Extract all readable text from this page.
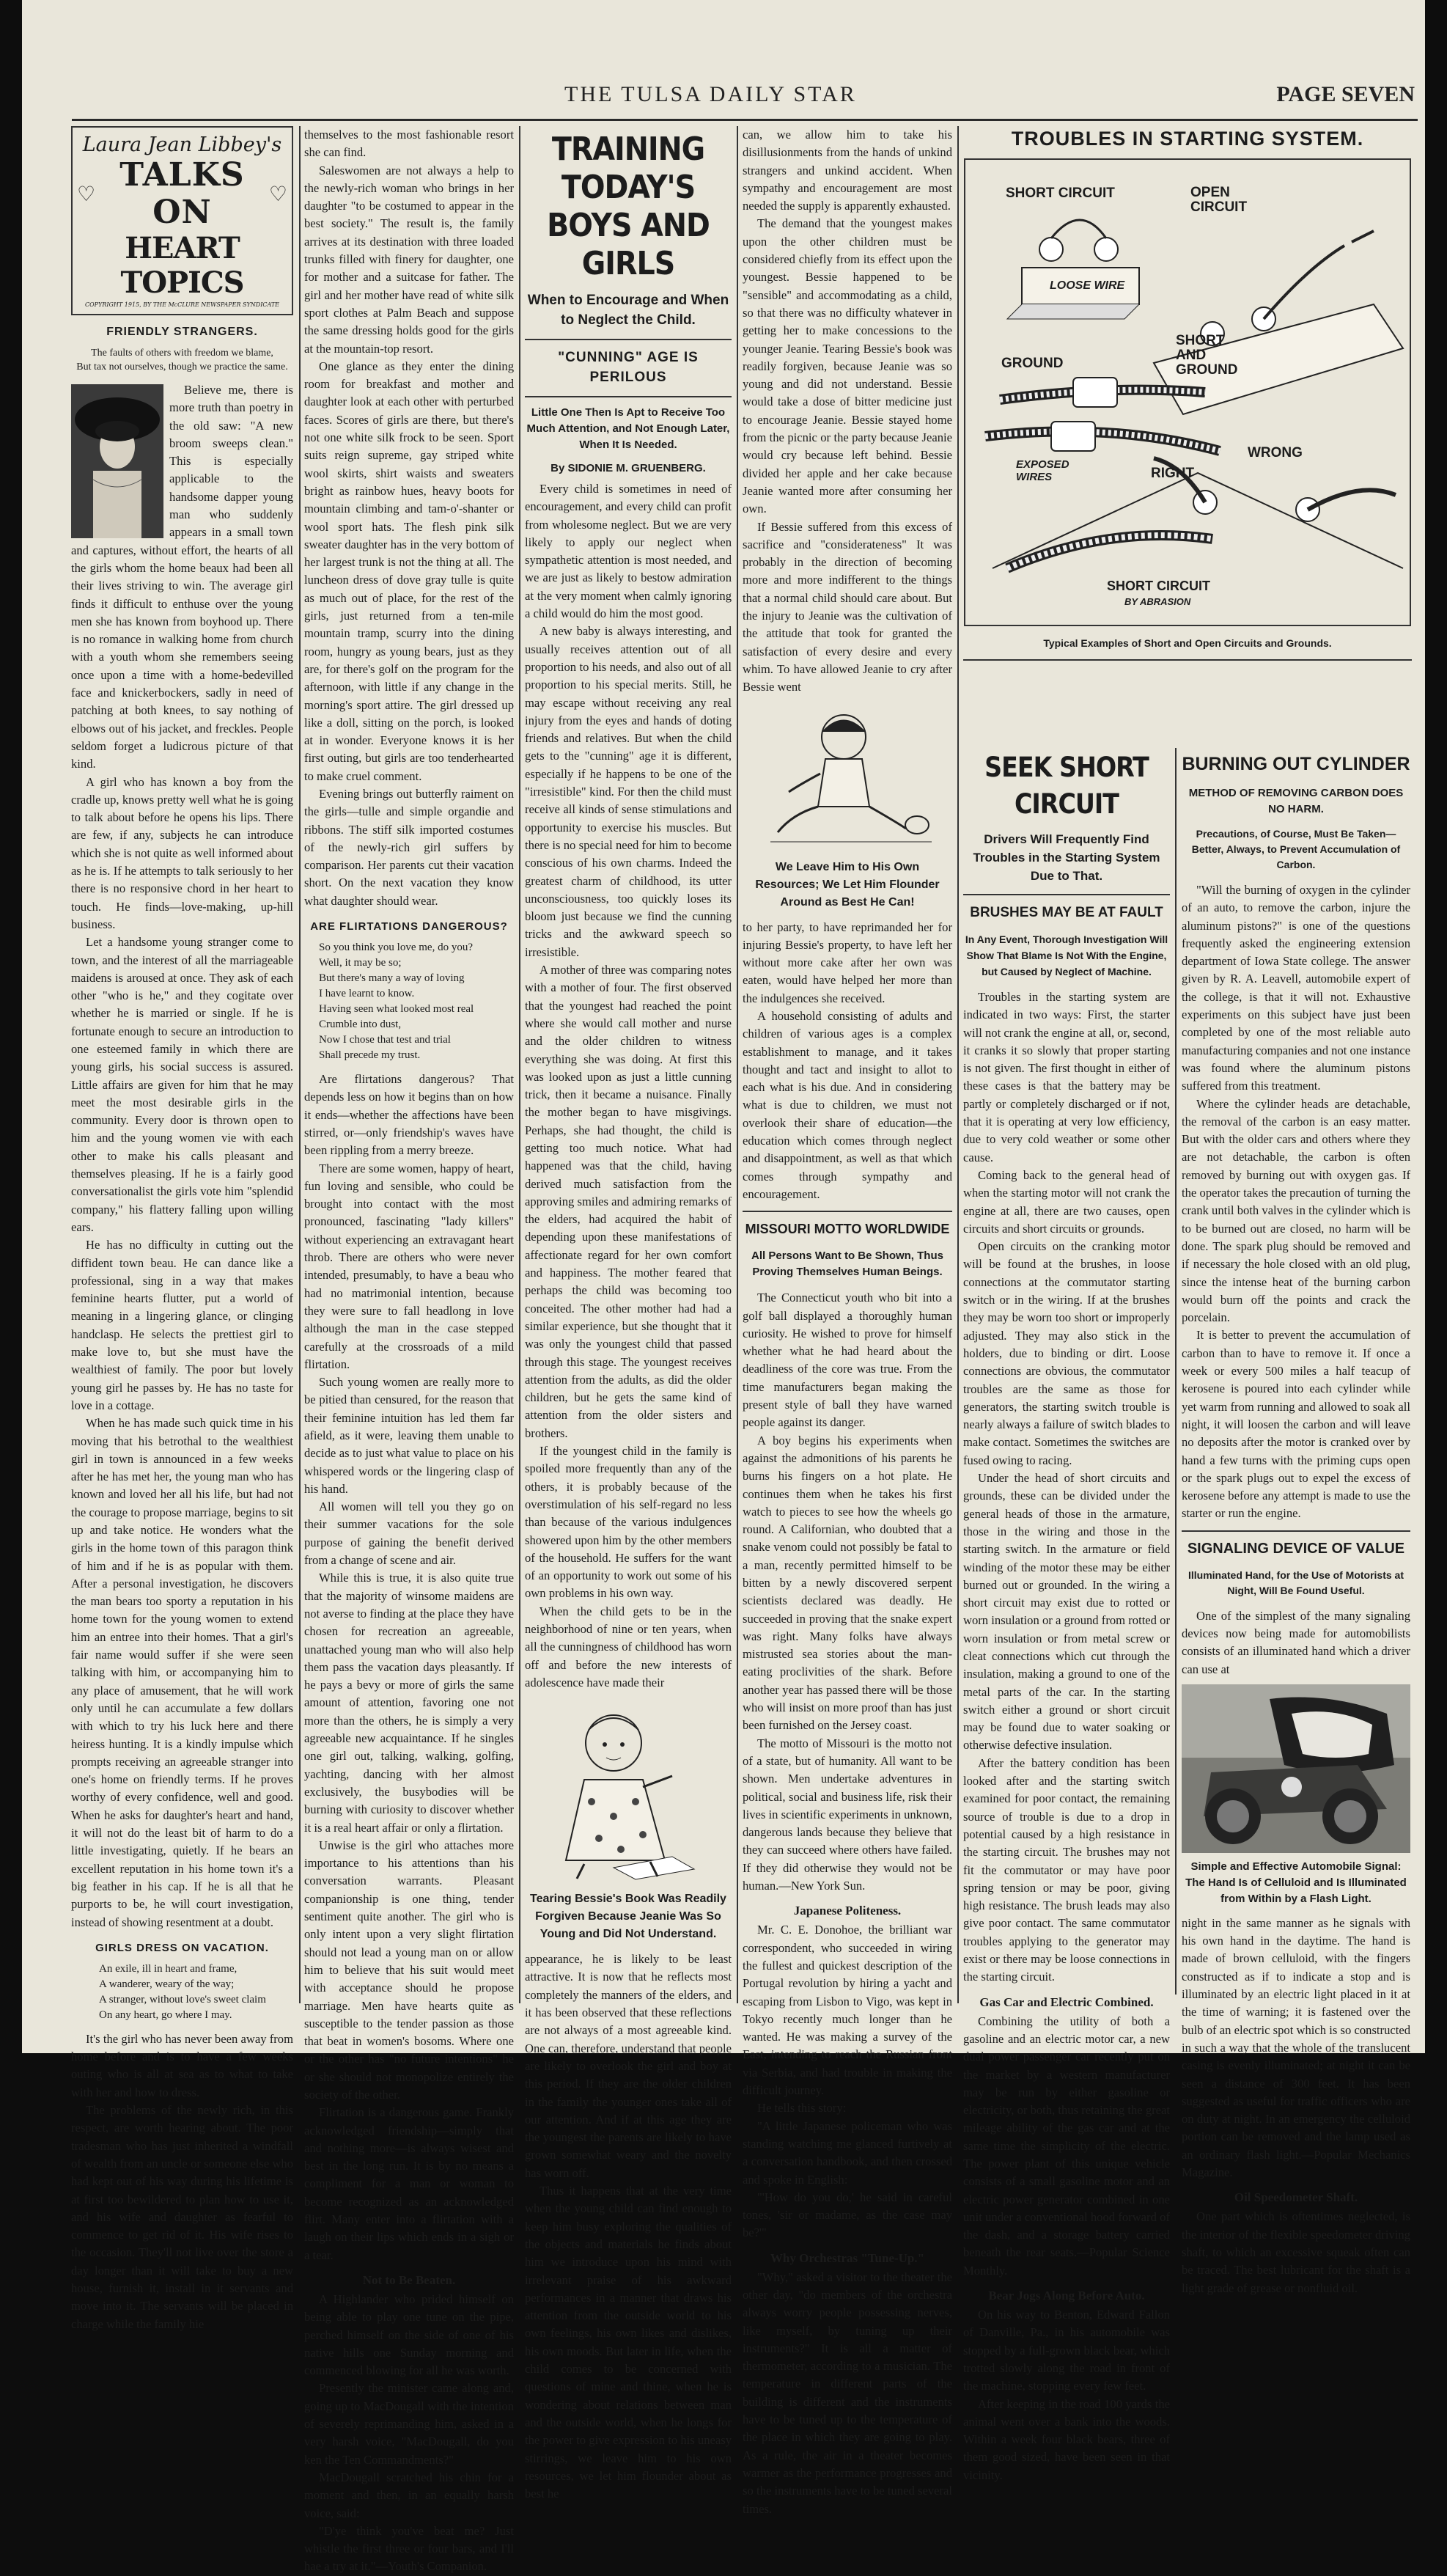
THE TULSA DAILY STAR	PAGE SEVEN
Laura Jean Libbey's
♡ TALKS ON	♡
HEART TOPICS
COPYRIGHT 1915, BY THE McCLURE NEWSPAPER SYNDICATE
FRIENDLY STRANGERS.
The faults of others with freedom we blame,
But tax not ourselves, though we practice the same.

Believe me, there is more truth than poetry in the old saw: "A new broom sweeps clean." This is especially applicable to the handsome dapper young man who suddenly appears in a small town and captures, without effort, the hearts of all the girls whom the home beaux had been all their lives striving to win. The average girl finds it difficult to enthuse over the young men she has known from boyhood up. There is no romance in walking home from church with a youth whom she remembers seeing once upon a time with a home-bedevilled face and knickerbockers, sadly in need of patching at both knees, to say nothing of elbows out of his jacket, and freckles. People seldom forget a ludicrous picture of that kind.

A girl who has known a boy from the cradle up, knows pretty well what he is going to talk about before he opens his lips. There are few, if any, subjects he can introduce which she is not quite as well informed about as he is. If he attempts to talk seriously to her there is no responsive chord in her heart to touch. He finds—love-making, up-hill business.

Let a handsome young stranger come to town, and the interest of all the marriageable maidens is aroused at once. They ask of each other "who is he," and they cogitate over whether he is married or single. If he is fortunate enough to secure an introduction to one esteemed family in which there are young girls, his social success is assured. Little affairs are given for him that he may meet the most desirable girls in the community. Every door is thrown open to him and the young women vie with each other to make his calls pleasant and themselves pleasing. If he is a fairly good conversationalist the girls vote him "splendid company," his flattery falling upon willing ears.

He has no difficulty in cutting out the diffident town beau. He can dance like a professional, sing in a way that makes feminine hearts flutter, put a world of meaning in a lingering glance, or clinging handclasp. He selects the prettiest girl to make love to, but she must have the wealthiest of family. The poor but lovely young girl he passes by. He has no taste for love in a cottage.

When he has made such quick time in his moving that his betrothal to the wealthiest girl in town is announced in a few weeks after he has met her, the young man who has known and loved her all his life, but had not the courage to propose marriage, begins to sit up and take notice. He wonders what the girls in the home town of this paragon think of him and if he is as popular with them. After a personal investigation, he discovers the man bears too sporty a reputation in his home town for the young women to extend him an entree into their homes. That a girl's fair name would suffer if she were seen talking with him, or accompanying him to any place of amusement, that he will work only until he can accumulate a few dollars with which to try his luck here and there heiress hunting. It is a kindly impulse which prompts receiving an agreeable stranger into one's home on friendly terms. If he proves worthy of every confidence, well and good. When he asks for daughter's heart and hand, it will not do the least bit of harm to do a little investigating, quietly. If he bears an excellent reputation in his home town it's a big feather in his cap. If he is all that he purports to be, he will court investigation, instead of showing resentment at a doubt.

GIRLS DRESS ON VACATION.
An exile, ill in heart and frame,
A wanderer, weary of the way;
A stranger, without love's sweet claim
On any heart, go where I may.

It's the girl who has never been away from home before and is to have a few weeks outing who is all at sea as to what to take with her and how to dress.

The problems of the newly rich, in this respect, are worth hearing about. The poor tradesman who has just inherited a windfall of wealth from an uncle or someone else who had kept out of his way during his lifetime is at first too bewildered to plan how to use it, and his wife and daughter as fearful to commence to get rid of it. His wife rises to the occasion. They'll not live over the store a day longer than it will take to buy a new house, furnish it, install in it servants and move into it. The servants will be placed in charge while the family hie

themselves to the most fashionable resort she can find.

Saleswomen are not always a help to the newly-rich woman who brings in her daughter "to be costumed to appear in the best society." The result is, the family arrives at its destination with three loaded trunks filled with finery for daughter, one for mother and a suitcase for father. The girl and her mother have read of white silk sport clothes at Palm Beach and suppose the same dressing holds good for the girls at the mountain-top resort.

One glance as they enter the dining room for breakfast and mother and daughter look at each other with perturbed faces. Scores of girls are there, but there's not one white silk frock to be seen. Sport suits reign supreme, gay striped white wool skirts, shirt waists and sweaters bright as rainbow hues, heavy boots for mountain climbing and tam-o'-shanter or wool sport hats. The flesh pink silk sweater daughter has in the very bottom of her largest trunk is not the thing at all. The luncheon dress of dove gray tulle is quite as much out of place, for the rest of the girls, just returned from a ten-mile mountain tramp, scurry into the dining room, hungry as young bears, just as they are, for there's golf on the program for the afternoon, with little if any change in the morning's sport attire. The girl dressed up like a doll, sitting on the porch, is looked at in wonder. Everyone knows it is her first outing, but girls are too tenderhearted to make cruel comment.

Evening brings out butterfly raiment on the girls—tulle and simple organdie and ribbons. The stiff silk imported costumes of the newly-rich girl suffers by comparison. Her parents cut their vacation short. On the next vacation they know what daughter should wear.

ARE FLIRTATIONS DANGEROUS?
So you think you love me, do you?
Well, it may be so;
But there's many a way of loving
I have learnt to know.
Having seen what looked most real
Crumble into dust,
Now I chose that test and trial
Shall precede my trust.

Are flirtations dangerous? That depends less on how it begins than on how it ends—whether the affections have been stirred, or—only friendship's waves have been rippling from a merry breeze.

There are some women, happy of heart, fun loving and sensible, who could be brought into contact with the most pronounced, fascinating "lady killers" without experiencing an extravagant heart throb. There are others who were never intended, presumably, to have a beau who had no matrimonial intention, because they were sure to fall headlong in love although the man in the case stepped carefully at the crossroads of a mild flirtation.

Such young women are really more to be pitied than censured, for the reason that their feminine intuition has led them far afield, as it were, leaving them unable to decide as to just what value to place on his whispered words or the lingering clasp of his hand.

All women will tell you they go on their summer vacations for the sole purpose of gaining the benefit derived from a change of scene and air.

While this is true, it is also quite true that the majority of winsome maidens are not averse to finding at the place they have chosen for recreation an agreeable, unattached young man who will also help them pass the vacation days pleasantly. If he pays a bevy or more of girls the same amount of attention, favoring one not more than the others, he is simply a very agreeable new acquaintance. If he singles one girl out, talking, walking, golfing, yachting, dancing with her almost exclusively, the busybodies will be burning with curiosity to discover whether it is a real heart affair or only a flirtation.

Unwise is the girl who attaches more importance to his attentions than his conversation warrants. Pleasant companionship is one thing, tender sentiment quite another. The girl who is only intent upon a very slight flirtation should not lead a young man on or allow him to believe that his suit would meet with acceptance should he propose marriage. Men have hearts quite as susceptible to the tender passion as those that beat in women's bosoms. Where one or the other has "no future intentions" he or she should not monopolize entirely the society of the other.

Flirtation is a dangerous game. Frankly acknowledged friendship—simply that and nothing more—is always wisest and best in the long run. It is by no means a compliment for a man or woman to become recognized as an acknowledged flirt. Many enter into a flirtation with a laugh on their lips which ends in a sigh or a tear.

Not to Be Beaten.

A Highlander who prided himself on being able to play one tune on the pipe, perched himself on the side of one of his native hills one Sunday morning and commenced blowing for all he was worth.

Presently the minister came along and, going up to MacDougall with the intention of severely reprimanding him, asked in a very harsh voice, "MacDougall, do you ken the Ten Commandments?"

MacDougall scratched his chin for a moment and then, in an equally harsh voice, said:

"D'ye think you've beat me? Just whistle the first three or four bars, and I'll hae a try at it."—Youth's Companion.

TRAINING TODAY'S BOYS AND GIRLS
When to Encourage and When to Neglect the Child.
"CUNNING" AGE IS PERILOUS
Little One Then Is Apt to Receive Too Much Attention, and Not Enough Later, When It Is Needed.
By SIDONIE M. GRUENBERG.

Every child is sometimes in need of encouragement, and every child can profit from wholesome neglect. But we are very likely to apply our neglect when sympathetic attention is most needed, and we are just as likely to bestow admiration at the very moment when calmly ignoring a child would do him the most good.

A new baby is always interesting, and usually receives attention out of all proportion to his needs, and also out of all proportion to his special merits. Still, he may escape without receiving any real injury from the eyes and hands of doting friends and relatives. But when the child gets to the "cunning" age it is different, especially if he happens to be one of the "irresistible" kind. For then the child must receive all kinds of sense stimulations and opportunity to exercise his muscles. But there is no special need for him to become conscious of his own charms. Indeed the greatest charm of childhood, its utter unconsciousness, too quickly loses its bloom just because we find the cunning tricks and the awkward speech so irresistible.

A mother of three was comparing notes with a mother of four. The first observed that the youngest had reached the point where she would call mother and nurse and the older children to witness everything she was doing. At first this was looked upon as just a little cunning trick, then it became a nuisance. Finally the mother began to have misgivings. Perhaps, she had thought, the child is getting too much notice. What had happened was that the child, having derived much satisfaction from the approving smiles and admiring remarks of the elders, had acquired the habit of depending upon these manifestations of affectionate regard for her own comfort and happiness. The mother feared that perhaps the child was becoming too conceited. The other mother had had a similar experience, but she thought that it was only the youngest child that passed through this stage. The youngest receives attention from the adults, as did the older children, but he gets the same kind of attention from the older sisters and brothers.

If the youngest child in the family is spoiled more frequently than any of the others, it is probably because of the overstimulation of his self-regard no less than because of the various indulgences showered upon him by the other members of the household. He suffers for the want of an opportunity to work out some of his own problems in his own way.

When the child gets to be in the neighborhood of nine or ten years, when all the cunningness of childhood has worn off and before the new interests of adolescence have made their

Tearing Bessie's Book Was Readily Forgiven Because Jeanie Was So Young and Did Not Understand.

appearance, he is likely to be least attractive. It is now that he reflects most completely the manners of the elders, and it has been observed that these reflections are not always of a most agreeable kind. One can, therefore, understand that people are likely to overlook the girl and boy at this period. If they are the older children in the family the younger ones take all of our attention. And if at this age they are the youngest the parents are likely to have grown somewhat weary and the novelty has worn off.

Thus it happens that at the very time when the young child can find enough to keep him busy exploring the qualities of the objects and materials he finds about him we introduce upon his mind with irrelevant praise of his awkward performances in a manner that draws his attention from the outside world to his own feelings, his own likes and dislikes, his own moods. But later in life, when the child comes to be concerned with questions of mine and thine, when he is wondering about relations between man and the outside world, when he longs for the power to give expression to his uneasy stirrings, we leave him to his own resources, we let him flounder about as best he

can, we allow him to take his disillusionments from the hands of unkind strangers and unkind accident. When sympathy and encouragement are most needed the supply is apparently exhausted.

The demand that the youngest makes upon the other children must be considered chiefly from its effect upon the youngest. Bessie happened to be "sensible" and accommodating as a child, so that there was no difficulty whatever in getting her to make concessions to the younger Jeanie. Tearing Bessie's book was readily forgiven, because Jeanie was so young and did not understand. Bessie would take a dose of bitter medicine just to encourage Jeanie. Bessie stayed home from the picnic or the party because Jeanie would cry because left behind. Bessie divided her apple and her cake because Jeanie wanted more after consuming her own.

If Bessie suffered from this excess of sacrifice and "considerateness" It was probably in the direction of becoming more and more indifferent to the things that a normal child should care about. But the injury to Jeanie was the cultivation of the attitude that took for granted the satisfaction of every desire and every whim. To have allowed Jeanie to cry after Bessie went

We Leave Him to His Own Resources; We Let Him Flounder Around as Best He Can!

to her party, to have reprimanded her for injuring Bessie's property, to have left her without more cake after her own was eaten, would have helped her more than the indulgences she received.

A household consisting of adults and children of various ages is a complex establishment to manage, and it takes thought and tact and insight to allot to each what is his due. And in considering what is due to children, we must not overlook their share of education—the education which comes through neglect and disappointment, as well as that which comes through sympathy and encouragement.

MISSOURI MOTTO WORLDWIDE
All Persons Want to Be Shown, Thus Proving Themselves Human Beings.

The Connecticut youth who bit into a golf ball displayed a thoroughly human curiosity. He wished to prove for himself whether what he had heard about the deadliness of the core was true. From the time manufacturers began making the present style of ball they have warned people against its danger.

A boy begins his experiments when against the admonitions of his parents he burns his fingers on a hot plate. He continues them when he takes his first watch to pieces to see how the wheels go round. A Californian, who doubted that a snake venom could not possibly be fatal to a man, recently permitted himself to be bitten by a newly discovered serpent scientists declared was deadly. He succeeded in proving that the snake expert was right. Many folks have always mistrusted sea stories about the man-eating proclivities of the shark. Before another year has passed there will be those who will insist on more proof than has just been furnished on the Jersey coast.

The motto of Missouri is the motto not of a state, but of humanity. All want to be shown. Men undertake adventures in political, social and business life, risk their lives in scientific experiments in unknown, dangerous lands because they believe that they can succeed where others have failed. If they did otherwise they would not be human.—New York Sun.

Japanese Politeness.

Mr. C. E. Donohoe, the brilliant war correspondent, who succeeded in wiring the fullest and quickest description of the Portugal revolution by hiring a yacht and escaping from Lisbon to Vigo, was kept in Tokyo recently much longer than he wanted. He was making a survey of the East, intending to reach the Russian front via Serbia, and had trouble in making the difficult journey.

He tells this story:

"A little Japanese policeman who was standing watching me glanced furtively at a conversation handbook, and then crossed and spoke in English:

"'How do you do,' he said in careful tones, 'sir or madame, as the case may be?'"

Why Orchestras "Tune-Up."

"Why," asked a visitor to the theater the other day, "do members of the orchestra always worry people possessing nerves, like myself, by tuning up their instruments?" It is all a matter of thermometer, according to a musician. The temperature in different parts of the building is different and the instruments have to be tuned up to the temperature of the place in which they are going to play. As a rule, the air in a theater becomes warmer as the performance progresses and so the instruments have to be tuned several times.

TROUBLES IN STARTING SYSTEM.
SHORT CIRCUIT	OPEN CIRCUIT
LOOSE WIRE
GROUND
SHORT AND GROUND
EXPOSED WIRES	RIGHT
WRONG
SHORT CIRCUIT
BY ABRASION
Typical Examples of Short and Open Circuits and Grounds.
SEEK SHORT CIRCUIT
Drivers Will Frequently Find Troubles in the Starting System Due to That.
BRUSHES MAY BE AT FAULT
In Any Event, Thorough Investigation Will Show That Blame Is Not With the Engine, but Caused by Neglect of Machine.

Troubles in the starting system are indicated in two ways: First, the starter will not crank the engine at all, or, second, it cranks it so slowly that proper starting is not given. The first thought in either of these cases is that the battery may be partly or completely discharged or if not, that it is operating at very low efficiency, due to very cold weather or some other cause.

Coming back to the general head of when the starting motor will not crank the engine at all, there are two causes, open circuits and short circuits or grounds.

Open circuits on the cranking motor will be found at the brushes, in loose connections at the commutator starting switch or in the wiring. If at the brushes they may be worn too short or improperly adjusted. They may also stick in the holders, due to binding or dirt. Loose connections are obvious, the commutator troubles are the same as those for generators, the starting switch trouble is nearly always a failure of switch blades to make contact. Sometimes the switches are fused owing to racing.

Under the head of short circuits and grounds, these can be divided under the general heads of those in the armature, those in the wiring and those in the starting switch. In the armature or field winding of the motor these may be either burned out or grounded. In the wiring a short circuit may exist due to rotted or worn insulation or a ground from rotted or worn insulation or from metal screw or cleat connections which cut through the insulation, making a ground to one of the metal parts of the car. In the starting switch either a ground or short circuit may be found due to water soaking or otherwise defective insulation.

After the battery condition has been looked after and the starting switch examined for poor contact, the remaining source of trouble is due to a drop in potential caused by a high resistance in the starting circuit. The brushes may not fit the commutator or may have poor spring tension or may be poor, giving high resistance. The brush leads may also give poor contact. The same commutator troubles applying to the generator may exist or there may be loose connections in the starting circuit.

Gas Car and Electric Combined.

Combining the utility of both a gasoline and an electric motor car, a new dual power passenger car recently put on the market by a western manufacturer may be run by either gasoline or electricity, or both, thus retaining the great mileage ability of the gas car and at the same time the simplicity of the electric. The power plant of this unique vehicle consists of a small gasoline motor and an electric power generator combined in one unit under a conventional hood forward of the dash, and a storage battery carried beneath the rear seats.—Popular Science Monthly.

Bear Jogs Along Before Auto.

On his way to Benton, Edward Fallon of Danville, Pa., in his automobile was stopped by a full-grown black bear, which trotted slowly along the road in front of the machine, stopping every few feet.

After keeping in the road 100 yards the animal went over a bank into the woods. Within a week four black bears, three of them good sized, have been seen in that vicinity.

BURNING OUT CYLINDER
METHOD OF REMOVING CARBON DOES NO HARM.
Precautions, of Course, Must Be Taken—Better, Always, to Prevent Accumulation of Carbon.

"Will the burning of oxygen in the cylinder of an auto, to remove the carbon, injure the aluminum pistons?" is one of the questions frequently asked the engineering extension department of Iowa State college. The answer given by R. A. Leavell, automobile expert of the college, is that it will not. Exhaustive experiments on this subject have just been completed by one of the most reliable auto manufacturing companies and not one instance was found where the aluminum pistons suffered from this treatment.

Where the cylinder heads are detachable, the removal of the carbon is an easy matter. But with the older cars and others where they are not detachable, the carbon is often removed by burning out with oxygen gas. If the operator takes the precaution of turning the crank until both valves in the cylinder which is to be burned out are closed, no harm will be done. The spark plug should be removed and if necessary the hole closed with an old plug, since the intense heat of the burning carbon would burn off the points and crack the porcelain.

It is better to prevent the accumulation of carbon than to have to remove it. If once a week or every 500 miles a half teacup of kerosene is poured into each cylinder while yet warm from running and allowed to soak all night, it will loosen the carbon and will leave no deposits after the motor is cranked over by hand a few turns with the priming cups open or the spark plugs out to expel the excess of kerosene before any attempt is made to use the starter or run the engine.

SIGNALING DEVICE OF VALUE
Illuminated Hand, for the Use of Motorists at Night, Will Be Found Useful.

One of the simplest of the many signaling devices now being made for automobilists consists of an illuminated hand which a driver can use at

Simple and Effective Automobile Signal: The Hand Is of Celluloid and Is Illuminated from Within by a Flash Light.

night in the same manner as he signals with his own hand in the daytime. The hand is made of brown celluloid, with the fingers constructed as if to indicate a stop and is illuminated by an electric light placed in it at the time of warning; it is fastened over the bulb of an electric spot which is so constructed in such a way that the whole of the translucent casing is evenly illuminated; at night it can be seen a distance of 300 feet. It has been suggested as useful for traffic officers who are on duty at night. In an emergency the celluloid portion can be removed and the lamp used as an ordinary flash light.—Popular Mechanics Magazine.

Oil Speedometer Shaft.

One part which is oftentimes neglected, is the interior of the flexible speedometer driving shaft, to which an excessive squeak often can be traced. The best lubricant for the shaft is a light grade of grease or nonfluid oil.
